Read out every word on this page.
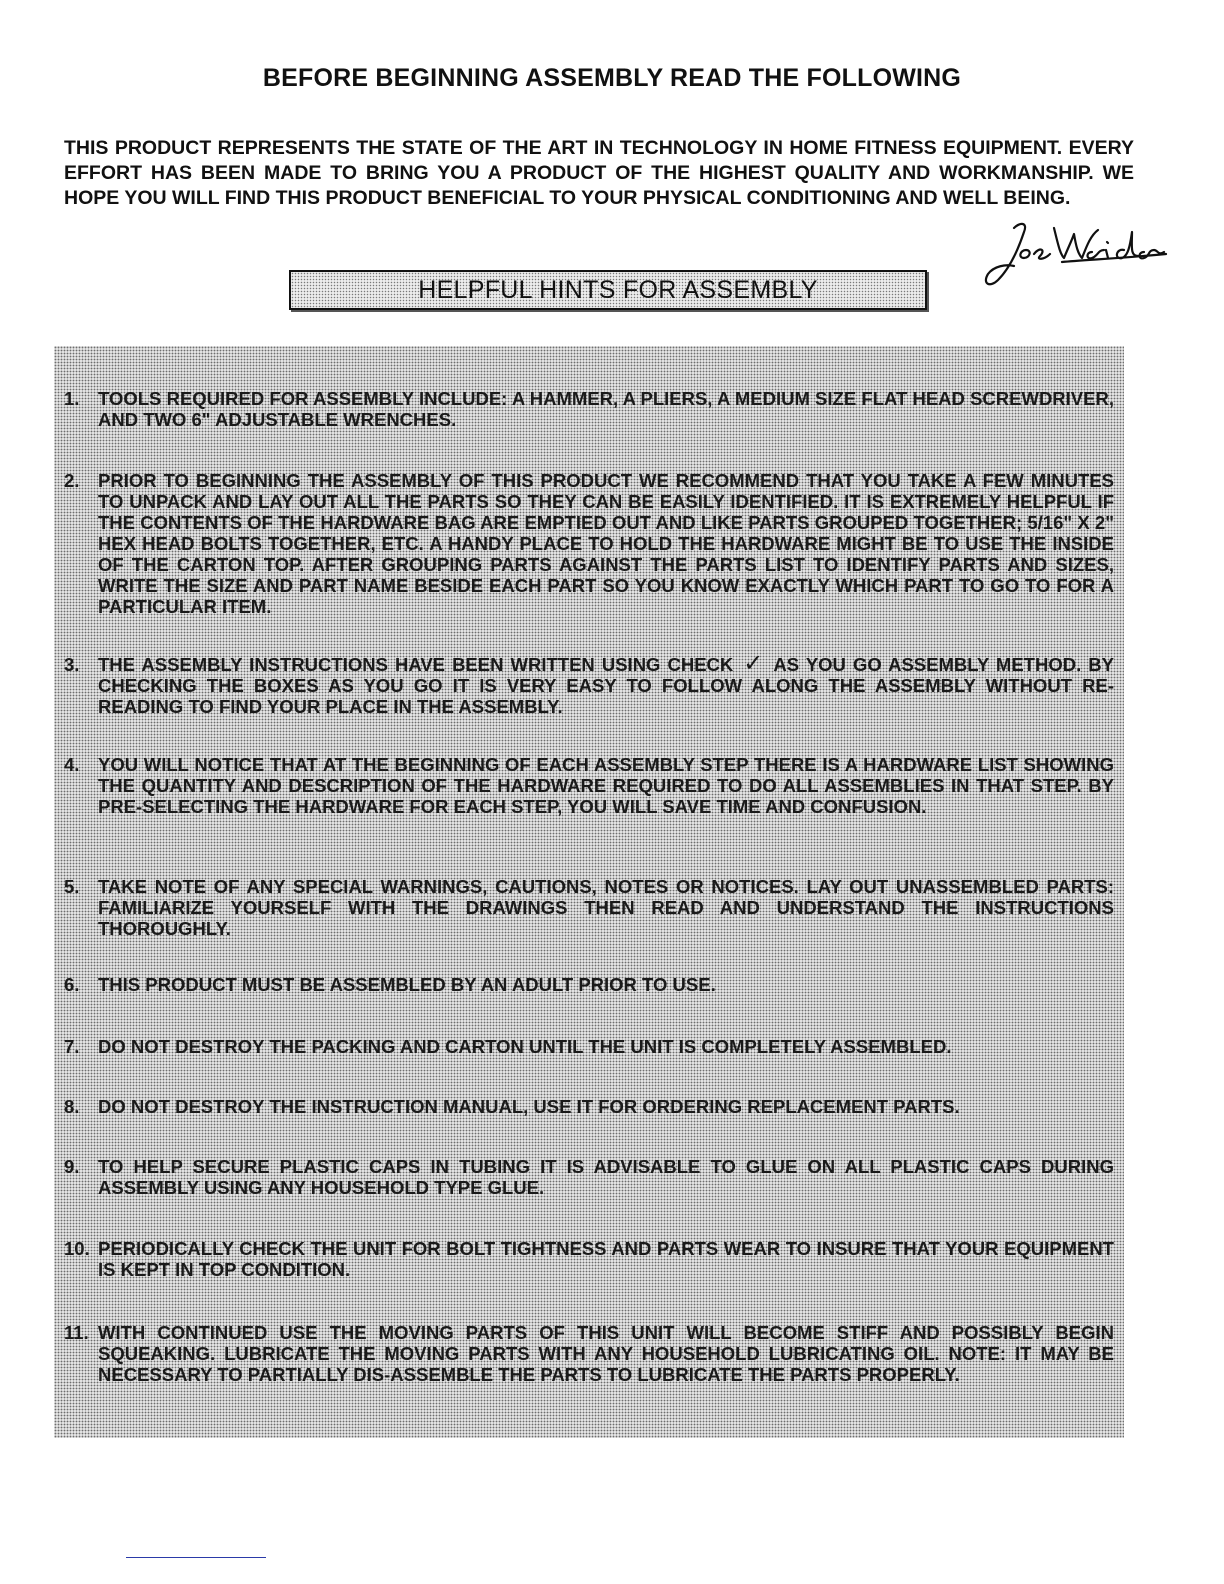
BEFORE BEGINNING ASSEMBLY READ THE FOLLOWING
THIS PRODUCT REPRESENTS THE STATE OF THE ART IN TECHNOLOGY IN HOME FITNESS EQUIPMENT. EVERY EFFORT HAS BEEN MADE TO BRING YOU A PRODUCT OF THE HIGHEST QUALITY AND WORKMANSHIP. WE HOPE YOU WILL FIND THIS PRODUCT BENEFICIAL TO YOUR PHYSICAL CONDITIONING AND WELL BEING.
HELPFUL HINTS FOR ASSEMBLY
1.	TOOLS REQUIRED FOR ASSEMBLY INCLUDE: A HAMMER, A PLIERS, A MEDIUM SIZE FLAT HEAD SCREWDRIVER, AND TWO 6" ADJUSTABLE WRENCHES.
2.	PRIOR TO BEGINNING THE ASSEMBLY OF THIS PRODUCT WE RECOMMEND THAT YOU TAKE A FEW MINUTES TO UNPACK AND LAY OUT ALL THE PARTS SO THEY CAN BE EASILY IDENTIFIED. IT IS EXTREMELY HELPFUL IF THE CONTENTS OF THE HARDWARE BAG ARE EMPTIED OUT AND LIKE PARTS GROUPED TOGETHER; 5/16" X 2" HEX HEAD BOLTS TOGETHER, ETC. A HANDY PLACE TO HOLD THE HARDWARE MIGHT BE TO USE THE INSIDE OF THE CARTON TOP. AFTER GROUPING PARTS AGAINST THE PARTS LIST TO IDENTIFY PARTS AND SIZES, WRITE THE SIZE AND PART NAME BESIDE EACH PART SO YOU KNOW EXACTLY WHICH PART TO GO TO FOR A PARTICULAR ITEM.
3.	THE ASSEMBLY INSTRUCTIONS HAVE BEEN WRITTEN USING CHECK ✓ AS YOU GO ASSEMBLY METHOD. BY CHECKING THE BOXES AS YOU GO IT IS VERY EASY TO FOLLOW ALONG THE ASSEMBLY WITHOUT RE-READING TO FIND YOUR PLACE IN THE ASSEMBLY.
4.	YOU WILL NOTICE THAT AT THE BEGINNING OF EACH ASSEMBLY STEP THERE IS A HARDWARE LIST SHOWING THE QUANTITY AND DESCRIPTION OF THE HARDWARE REQUIRED TO DO ALL ASSEMBLIES IN THAT STEP. BY PRE-SELECTING THE HARDWARE FOR EACH STEP, YOU WILL SAVE TIME AND CONFUSION.
5.	TAKE NOTE OF ANY SPECIAL WARNINGS, CAUTIONS, NOTES OR NOTICES. LAY OUT UNASSEMBLED PARTS: FAMILIARIZE YOURSELF WITH THE DRAWINGS THEN READ AND UNDERSTAND THE INSTRUCTIONS THOROUGHLY.
6.	THIS PRODUCT MUST BE ASSEMBLED BY AN ADULT PRIOR TO USE.
7.	DO NOT DESTROY THE PACKING AND CARTON UNTIL THE UNIT IS COMPLETELY ASSEMBLED.
8.	DO NOT DESTROY THE INSTRUCTION MANUAL, USE IT FOR ORDERING REPLACEMENT PARTS.
9.	TO HELP SECURE PLASTIC CAPS IN TUBING IT IS ADVISABLE TO GLUE ON ALL PLASTIC CAPS DURING ASSEMBLY USING ANY HOUSEHOLD TYPE GLUE.
10. PERIODICALLY CHECK THE UNIT FOR BOLT TIGHTNESS AND PARTS WEAR TO INSURE THAT YOUR EQUIPMENT IS KEPT IN TOP CONDITION.
11. WITH CONTINUED USE THE MOVING PARTS OF THIS UNIT WILL BECOME STIFF AND POSSIBLY BEGIN SQUEAKING. LUBRICATE THE MOVING PARTS WITH ANY HOUSEHOLD LUBRICATING OIL. NOTE: IT MAY BE NECESSARY TO PARTIALLY DIS-ASSEMBLE THE PARTS TO LUBRICATE THE PARTS PROPERLY.
